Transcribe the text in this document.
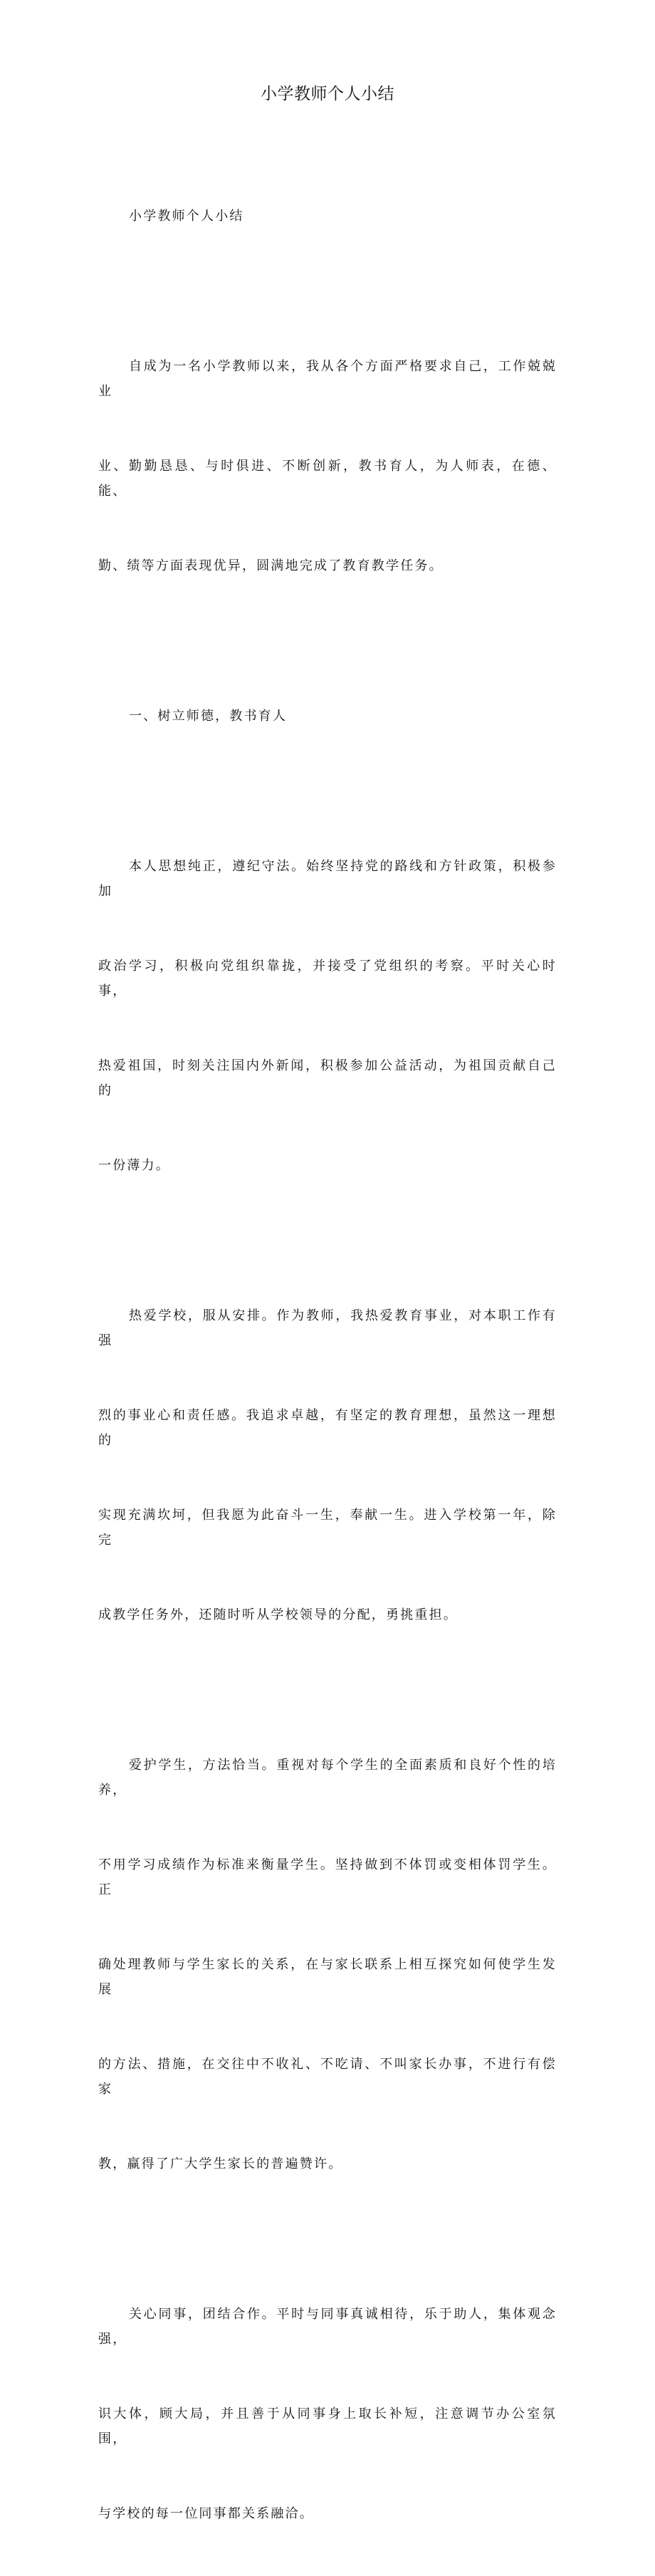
小学教师个人小结

小学教师个人小结

自成为一名小学教师以来，我从各个方面严格要求自己，工作兢兢业

业、勤勤恳恳、与时俱进、不断创新，教书育人，为人师表，在德、能、

勤、绩等方面表现优异，圆满地完成了教育教学任务。

一、树立师德，教书育人

本人思想纯正，遵纪守法。始终坚持党的路线和方针政策，积极参加

政治学习，积极向党组织靠拢，并接受了党组织的考察。平时关心时事，

热爱祖国，时刻关注国内外新闻，积极参加公益活动，为祖国贡献自己的

一份薄力。

热爱学校，服从安排。作为教师，我热爱教育事业，对本职工作有强

烈的事业心和责任感。我追求卓越，有坚定的教育理想，虽然这一理想的

实现充满坎坷，但我愿为此奋斗一生，奉献一生。进入学校第一年，除完

成教学任务外，还随时听从学校领导的分配，勇挑重担。

爱护学生，方法恰当。重视对每个学生的全面素质和良好个性的培养，

不用学习成绩作为标准来衡量学生。坚持做到不体罚或变相体罚学生。正

确处理教师与学生家长的关系，在与家长联系上相互探究如何使学生发展

的方法、措施，在交往中不收礼、不吃请、不叫家长办事，不进行有偿家

教，赢得了广大学生家长的普遍赞许。

关心同事，团结合作。平时与同事真诚相待，乐于助人，集体观念强，

识大体，顾大局，并且善于从同事身上取长补短，注意调节办公室氛围，

与学校的每一位同事都关系融洽。
